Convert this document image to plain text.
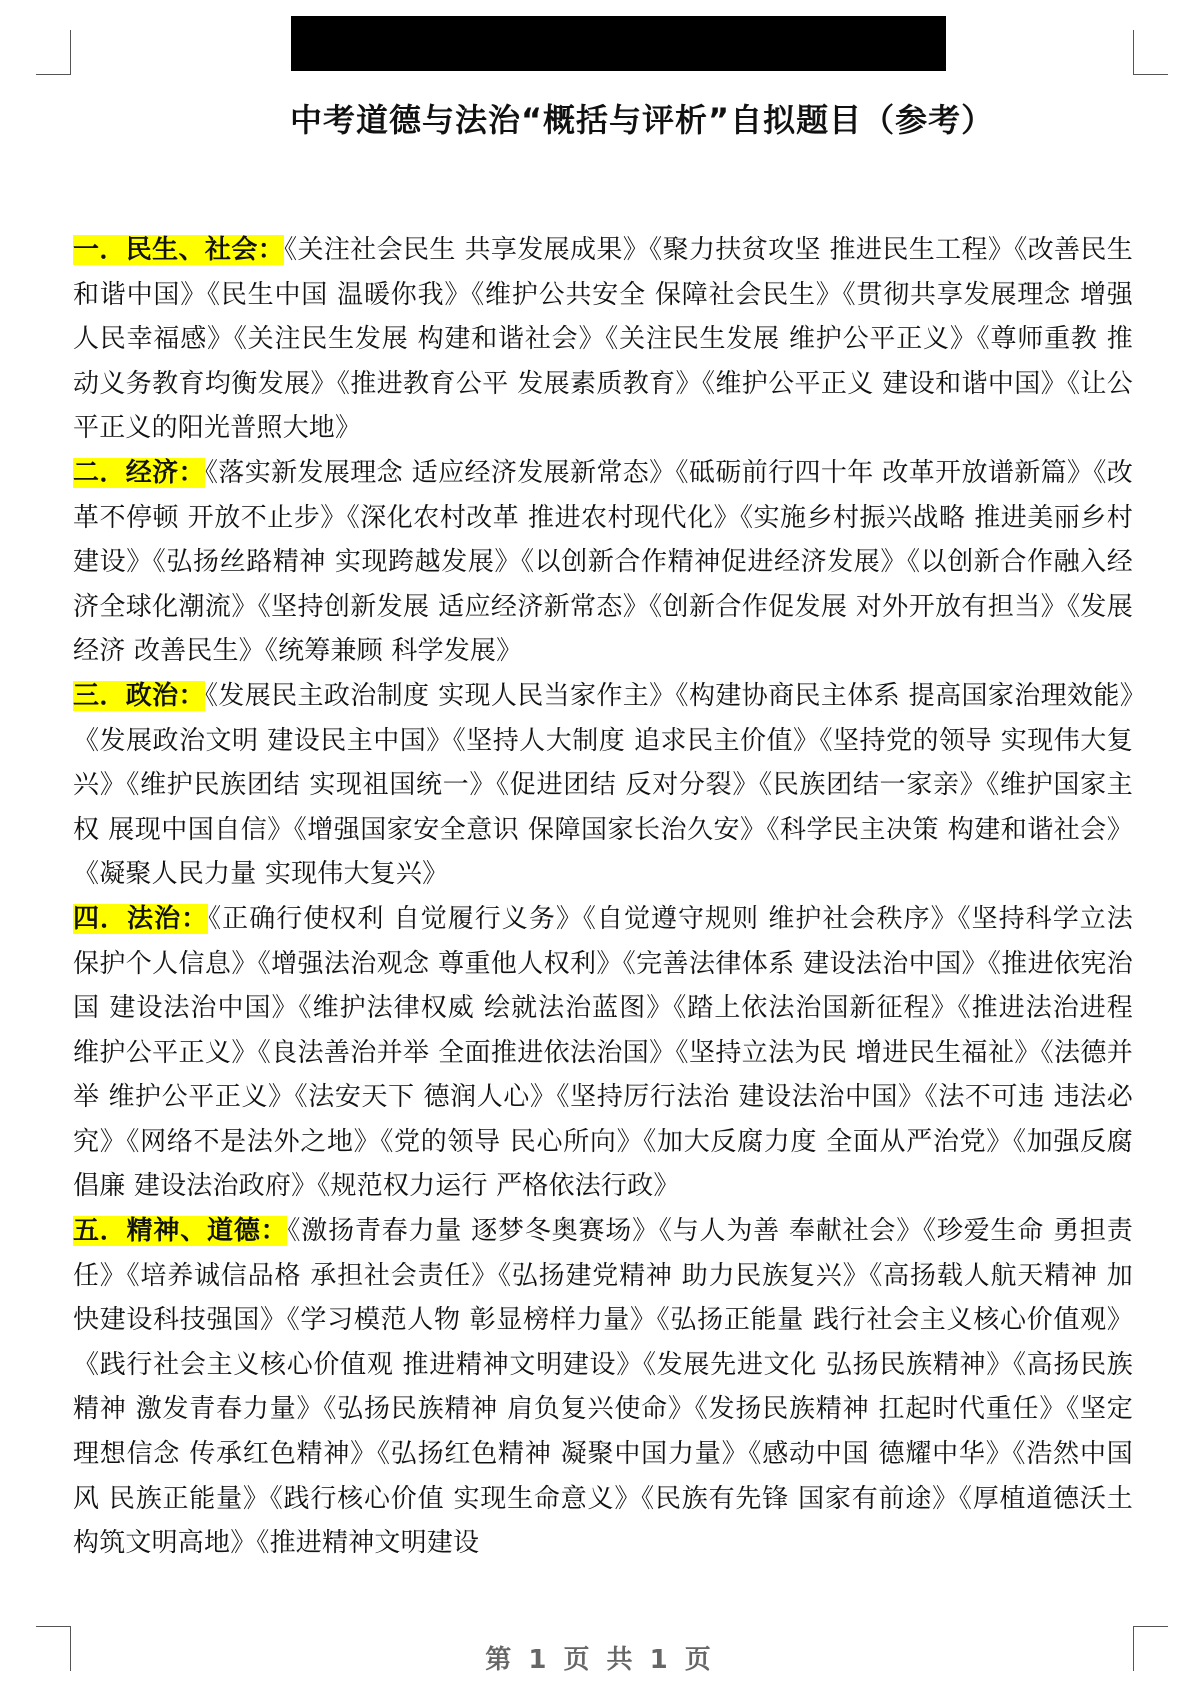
中考道德与法治“概括与评析”自拟题目（参考）

一．民生、社会：《关注社会民生 共享发展成果》《聚力扶贫攻坚 推进民生工程》《改善民生 和谐中国》《民生中国 温暖你我》《维护公共安全 保障社会民生》《贯彻共享发展理念 增强人民幸福感》《关注民生发展 构建和谐社会》《关注民生发展 维护公平正义》《尊师重教 推动义务教育均衡发展》《推进教育公平 发展素质教育》《维护公平正义 建设和谐中国》《让公平正义的阳光普照大地》

二．经济：《落实新发展理念 适应经济发展新常态》《砥砺前行四十年 改革开放谱新篇》《改革不停顿 开放不止步》《深化农村改革 推进农村现代化》《实施乡村振兴战略 推进美丽乡村建设》《弘扬丝路精神 实现跨越发展》《以创新合作精神促进经济发展》《以创新合作融入经济全球化潮流》《坚持创新发展 适应经济新常态》《创新合作促发展 对外开放有担当》《发展经济 改善民生》《统筹兼顾 科学发展》

三．政治：《发展民主政治制度 实现人民当家作主》《构建协商民主体系 提高国家治理效能》《发展政治文明 建设民主中国》《坚持人大制度 追求民主价值》《坚持党的领导 实现伟大复兴》《维护民族团结 实现祖国统一》《促进团结 反对分裂》《民族团结一家亲》《维护国家主权 展现中国自信》《增强国家安全意识 保障国家长治久安》《科学民主决策 构建和谐社会》《凝聚人民力量 实现伟大复兴》

四．法治：《正确行使权利 自觉履行义务》《自觉遵守规则 维护社会秩序》《坚持科学立法 保护个人信息》《增强法治观念 尊重他人权利》《完善法律体系 建设法治中国》《推进依宪治国 建设法治中国》《维护法律权威 绘就法治蓝图》《踏上依法治国新征程》《推进法治进程 维护公平正义》《良法善治并举 全面推进依法治国》《坚持立法为民 增进民生福祉》《法德并举 维护公平正义》《法安天下 德润人心》《坚持厉行法治 建设法治中国》《法不可违 违法必究》《网络不是法外之地》《党的领导 民心所向》《加大反腐力度 全面从严治党》《加强反腐倡廉 建设法治政府》《规范权力运行 严格依法行政》

五．精神、道德：《激扬青春力量 逐梦冬奥赛场》《与人为善 奉献社会》《珍爱生命 勇担责任》《培养诚信品格 承担社会责任》《弘扬建党精神 助力民族复兴》《高扬载人航天精神 加快建设科技强国》《学习模范人物 彰显榜样力量》《弘扬正能量 践行社会主义核心价值观》《践行社会主义核心价值观 推进精神文明建设》《发展先进文化 弘扬民族精神》《高扬民族精神 激发青春力量》《弘扬民族精神 肩负复兴使命》《发扬民族精神 扛起时代重任》《坚定理想信念 传承红色精神》《弘扬红色精神 凝聚中国力量》《感动中国 德耀中华》《浩然中国风 民族正能量》《践行核心价值 实现生命意义》《民族有先锋 国家有前途》《厚植道德沃土 构筑文明高地》《推进精神文明建设

第 1 页 共 1 页
